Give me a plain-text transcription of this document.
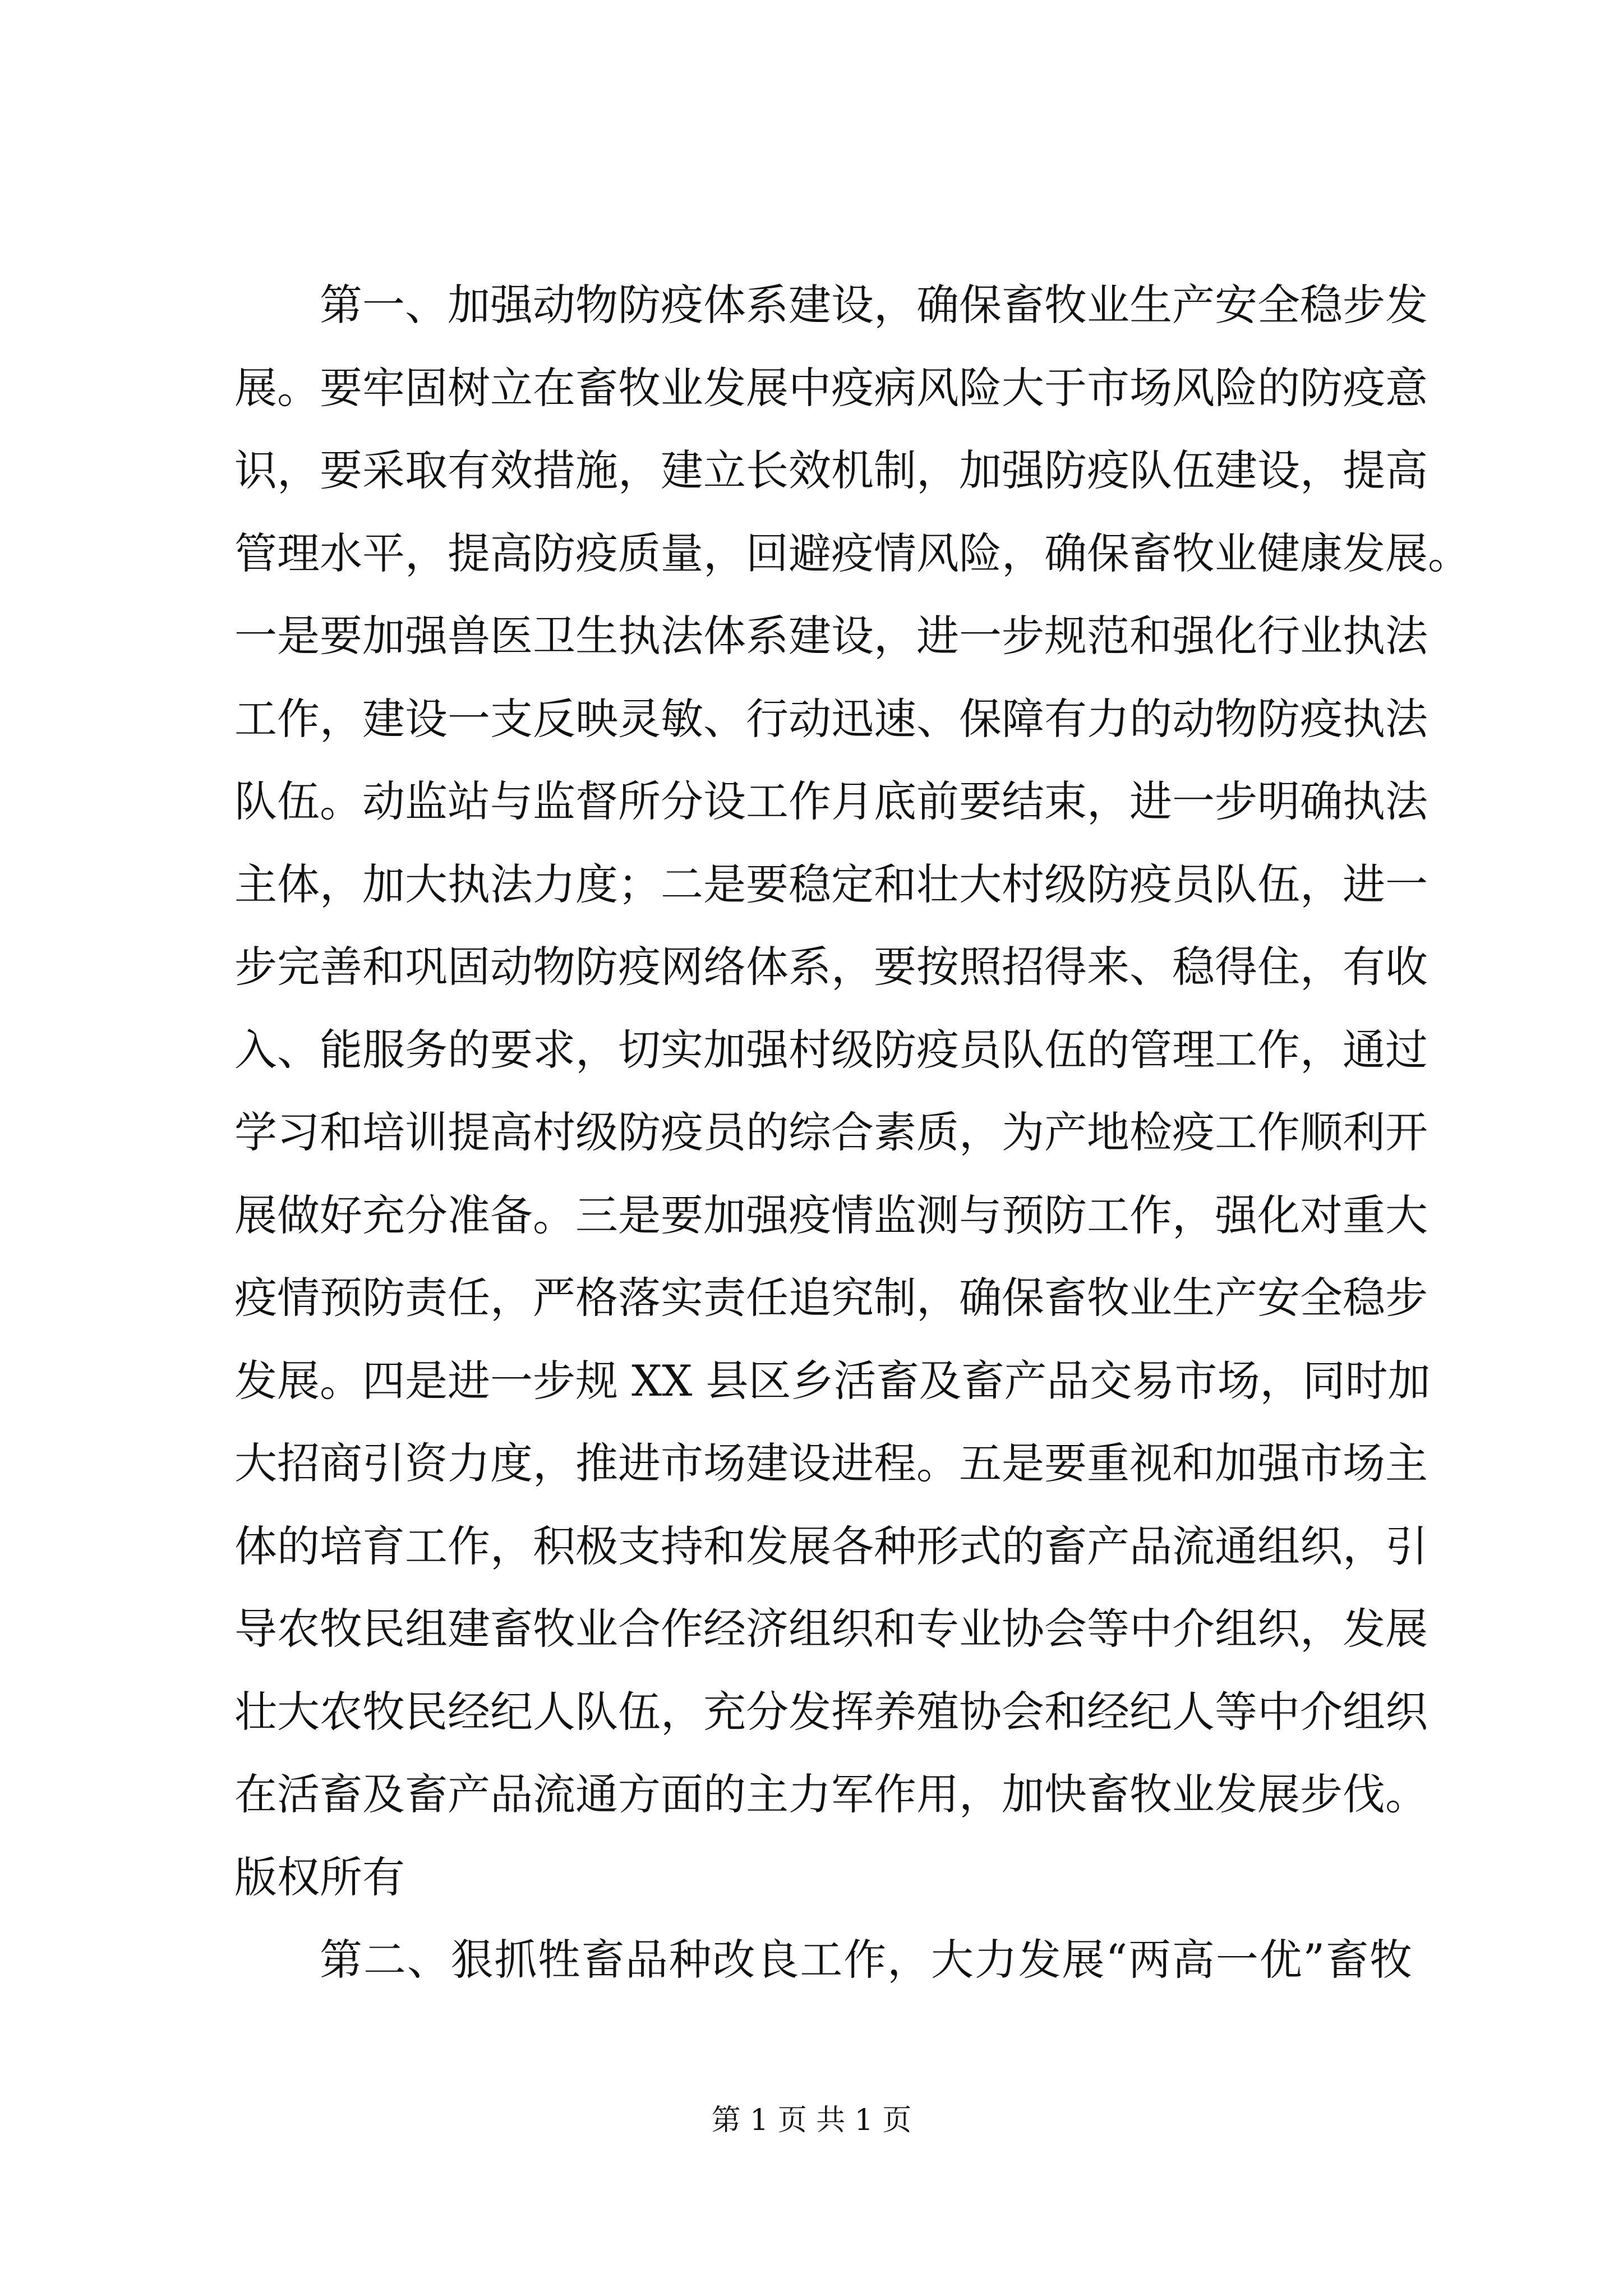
第一、加强动物防疫体系建设，确保畜牧业生产安全稳步发
展。要牢固树立在畜牧业发展中疫病风险大于市场风险的防疫意
识，要采取有效措施，建立长效机制，加强防疫队伍建设，提高
管理水平，提高防疫质量，回避疫情风险，确保畜牧业健康发展。
一是要加强兽医卫生执法体系建设，进一步规范和强化行业执法
工作，建设一支反映灵敏、行动迅速、保障有力的动物防疫执法
队伍。动监站与监督所分设工作月底前要结束，进一步明确执法
主体，加大执法力度；二是要稳定和壮大村级防疫员队伍，进一
步完善和巩固动物防疫网络体系，要按照招得来、稳得住，有收
入、能服务的要求，切实加强村级防疫员队伍的管理工作，通过
学习和培训提高村级防疫员的综合素质，为产地检疫工作顺利开
展做好充分准备。三是要加强疫情监测与预防工作，强化对重大
疫情预防责任，严格落实责任追究制，确保畜牧业生产安全稳步
发展。四是进一步规 XX 县区乡活畜及畜产品交易市场，同时加
大招商引资力度，推进市场建设进程。五是要重视和加强市场主
体的培育工作，积极支持和发展各种形式的畜产品流通组织，引
导农牧民组建畜牧业合作经济组织和专业协会等中介组织，发展
壮大农牧民经纪人队伍，充分发挥养殖协会和经纪人等中介组织
在活畜及畜产品流通方面的主力军作用，加快畜牧业发展步伐。
版权所有
第二、狠抓牲畜品种改良工作，大力发展“两高一优”畜牧
第 1 页 共 1 页
